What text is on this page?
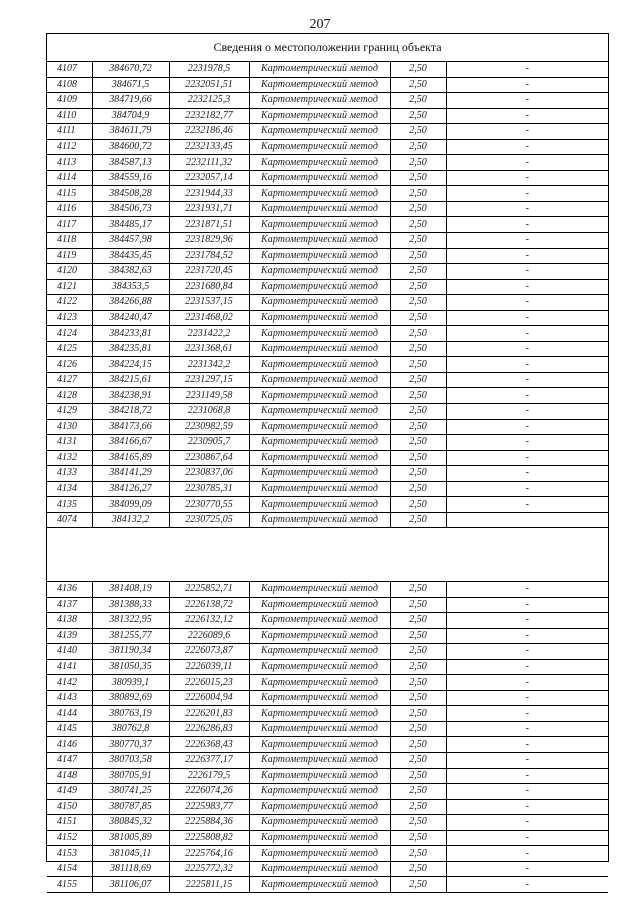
207
Сведения о местоположении границ объекта
4107	384670,72	2231978,5	Картометрический метод	2,50	-
4108	384671,5	2232051,51	Картометрический метод	2,50	-
4109	384719,66	2232125,3	Картометрический метод	2,50	-
4110	384704,9	2232182,77	Картометрический метод	2,50	-
4111	384611,79	2232186,46	Картометрический метод	2,50	-
4112	384600,72	2232133,45	Картометрический метод	2,50	-
4113	384587,13	2232111,32	Картометрический метод	2,50	-
4114	384559,16	2232057,14	Картометрический метод	2,50	-
4115	384508,28	2231944,33	Картометрический метод	2,50	-
4116	384506,73	2231931,71	Картометрический метод	2,50	-
4117	384485,17	2231871,51	Картометрический метод	2,50	-
4118	384457,98	2231829,96	Картометрический метод	2,50	-
4119	384435,45	2231784,52	Картометрический метод	2,50	-
4120	384382,63	2231720,45	Картометрический метод	2,50	-
4121	384353,5	2231680,84	Картометрический метод	2,50	-
4122	384266,88	2231537,15	Картометрический метод	2,50	-
4123	384240,47	2231468,02	Картометрический метод	2,50	-
4124	384233,81	2231422,2	Картометрический метод	2,50	-
4125	384235,81	2231368,61	Картометрический метод	2,50	-
4126	384224,15	2231342,2	Картометрический метод	2,50	-
4127	384215,61	2231297,15	Картометрический метод	2,50	-
4128	384238,91	2231149,58	Картометрический метод	2,50	-
4129	384218,72	2231068,8	Картометрический метод	2,50	-
4130	384173,66	2230982,59	Картометрический метод	2,50	-
4131	384166,67	2230905,7	Картометрический метод	2,50	-
4132	384165,89	2230867,64	Картометрический метод	2,50	-
4133	384141,29	2230837,06	Картометрический метод	2,50	-
4134	384126,27	2230785,31	Картометрический метод	2,50	-
4135	384099,09	2230770,55	Картометрический метод	2,50	-
4074	384132,2	2230725,05	Картометрический метод	2,50	
4136	381408,19	2225852,71	Картометрический метод	2,50	-
4137	381388,33	2226138,72	Картометрический метод	2,50	-
4138	381322,95	2226132,12	Картометрический метод	2,50	-
4139	381255,77	2226089,6	Картометрический метод	2,50	-
4140	381190,34	2226073,87	Картометрический метод	2,50	-
4141	381050,35	2226039,11	Картометрический метод	2,50	-
4142	380939,1	2226015,23	Картометрический метод	2,50	-
4143	380892,69	2226004,94	Картометрический метод	2,50	-
4144	380763,19	2226201,83	Картометрический метод	2,50	-
4145	380762,8	2226286,83	Картометрический метод	2,50	-
4146	380770,37	2226368,43	Картометрический метод	2,50	-
4147	380703,58	2226377,17	Картометрический метод	2,50	-
4148	380705,91	2226179,5	Картометрический метод	2,50	-
4149	380741,25	2226074,26	Картометрический метод	2,50	-
4150	380787,85	2225983,77	Картометрический метод	2,50	-
4151	380845,32	2225884,36	Картометрический метод	2,50	-
4152	381005,89	2225808,82	Картометрический метод	2,50	-
4153	381045,11	2225764,16	Картометрический метод	2,50	-
4154	381118,69	2225772,32	Картометрический метод	2,50	-
4155	381106,07	2225811,15	Картометрический метод	2,50	-
